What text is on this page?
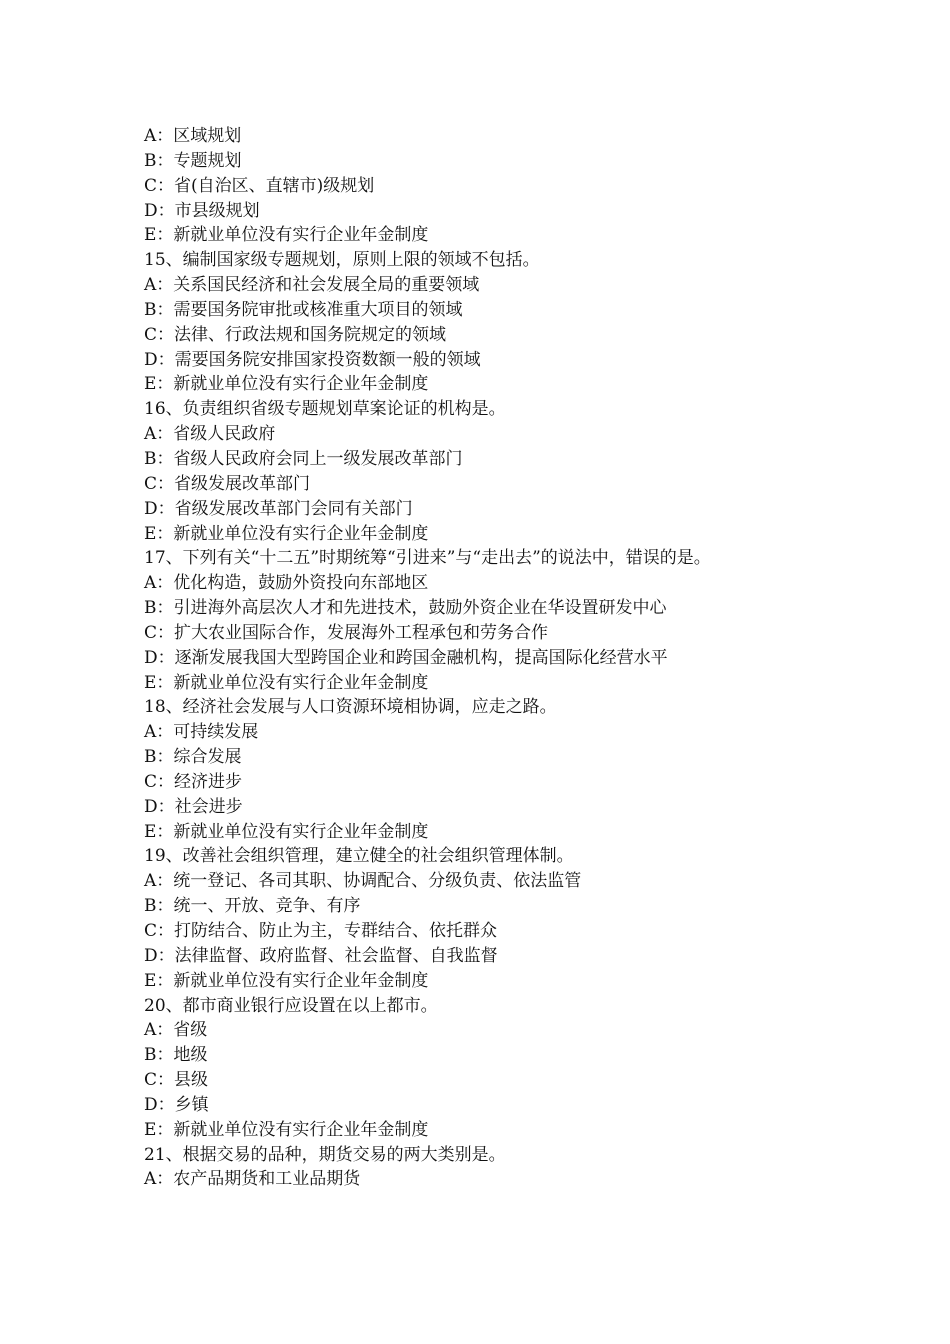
A：区域规划
B：专题规划
C：省(自治区、直辖市)级规划
D：市县级规划
E：新就业单位没有实行企业年金制度
15、编制国家级专题规划，原则上限的领域不包括。
A：关系国民经济和社会发展全局的重要领域
B：需要国务院审批或核准重大项目的领域
C：法律、行政法规和国务院规定的领域
D：需要国务院安排国家投资数额一般的领域
E：新就业单位没有实行企业年金制度
16、负责组织省级专题规划草案论证的机构是。
A：省级人民政府
B：省级人民政府会同上一级发展改革部门
C：省级发展改革部门
D：省级发展改革部门会同有关部门
E：新就业单位没有实行企业年金制度
17、下列有关“十二五”时期统筹“引进来”与“走出去”的说法中，错误的是。
A：优化构造，鼓励外资投向东部地区
B：引进海外高层次人才和先进技术，鼓励外资企业在华设置研发中心
C：扩大农业国际合作，发展海外工程承包和劳务合作
D：逐渐发展我国大型跨国企业和跨国金融机构，提高国际化经营水平
E：新就业单位没有实行企业年金制度
18、经济社会发展与人口资源环境相协调，应走之路。
A：可持续发展
B：综合发展
C：经济进步
D：社会进步
E：新就业单位没有实行企业年金制度
19、改善社会组织管理，建立健全的社会组织管理体制。
A：统一登记、各司其职、协调配合、分级负责、依法监管
B：统一、开放、竞争、有序
C：打防结合、防止为主，专群结合、依托群众
D：法律监督、政府监督、社会监督、自我监督
E：新就业单位没有实行企业年金制度
20、都市商业银行应设置在以上都市。
A：省级
B：地级
C：县级
D：乡镇
E：新就业单位没有实行企业年金制度
21、根据交易的品种，期货交易的两大类别是。
A：农产品期货和工业品期货
